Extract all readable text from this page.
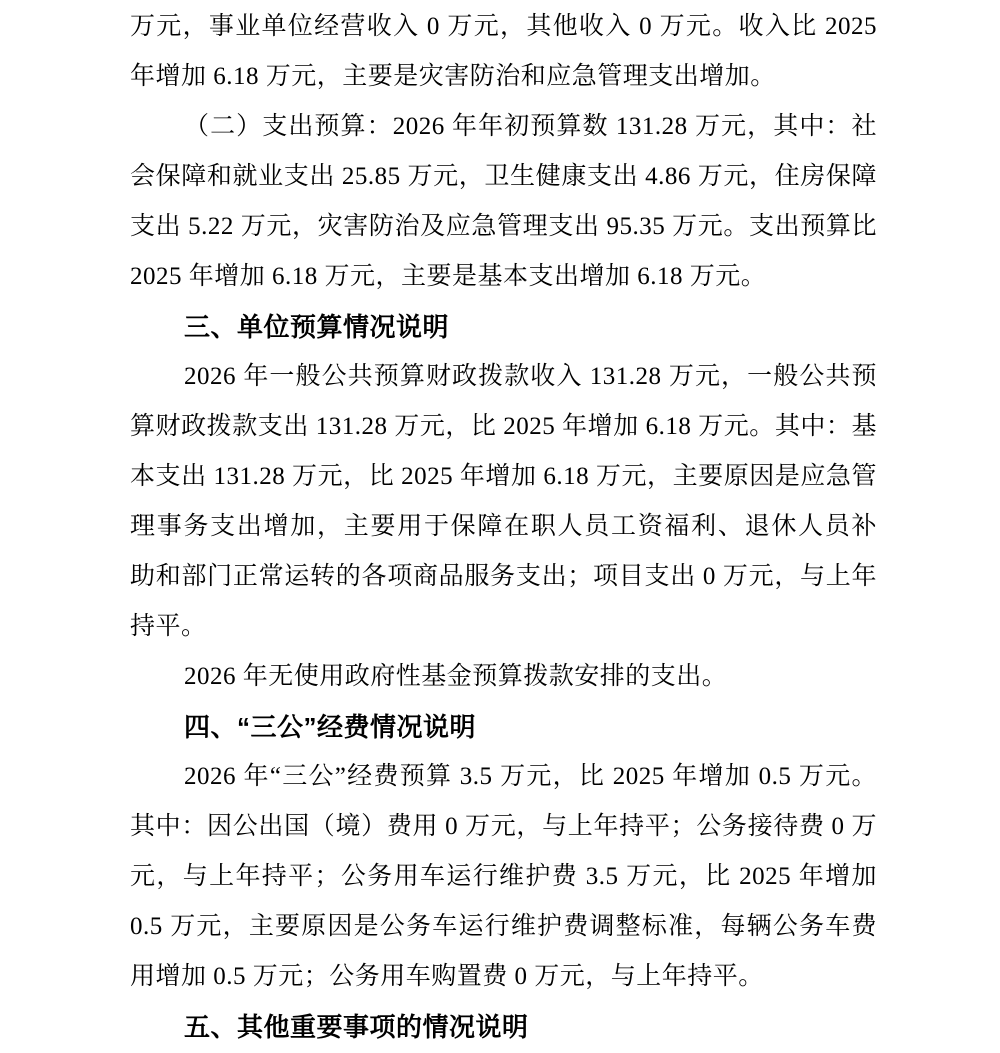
万元，事业单位经营收入 0 万元，其他收入 0 万元。收入比 2025
年增加 6.18 万元，主要是灾害防治和应急管理支出增加。
（二）支出预算：2026 年年初预算数 131.28 万元，其中：社
会保障和就业支出 25.85 万元，卫生健康支出 4.86 万元，住房保障
支出 5.22 万元，灾害防治及应急管理支出 95.35 万元。支出预算比
2025 年增加 6.18 万元，主要是基本支出增加 6.18 万元。
三、单位预算情况说明
2026 年一般公共预算财政拨款收入 131.28 万元，一般公共预
算财政拨款支出 131.28 万元，比 2025 年增加 6.18 万元。其中：基
本支出 131.28 万元，比 2025 年增加 6.18 万元，主要原因是应急管
理事务支出增加，主要用于保障在职人员工资福利、退休人员补
助和部门正常运转的各项商品服务支出；项目支出 0 万元，与上年
持平。
2026 年无使用政府性基金预算拨款安排的支出。
四、“三公”经费情况说明
2026 年“三公”经费预算 3.5 万元，比 2025 年增加 0.5 万元。
其中：因公出国（境）费用 0 万元，与上年持平；公务接待费 0 万
元，与上年持平；公务用车运行维护费 3.5 万元，比 2025 年增加
0.5 万元，主要原因是公务车运行维护费调整标准，每辆公务车费
用增加 0.5 万元；公务用车购置费 0 万元，与上年持平。
五、其他重要事项的情况说明
